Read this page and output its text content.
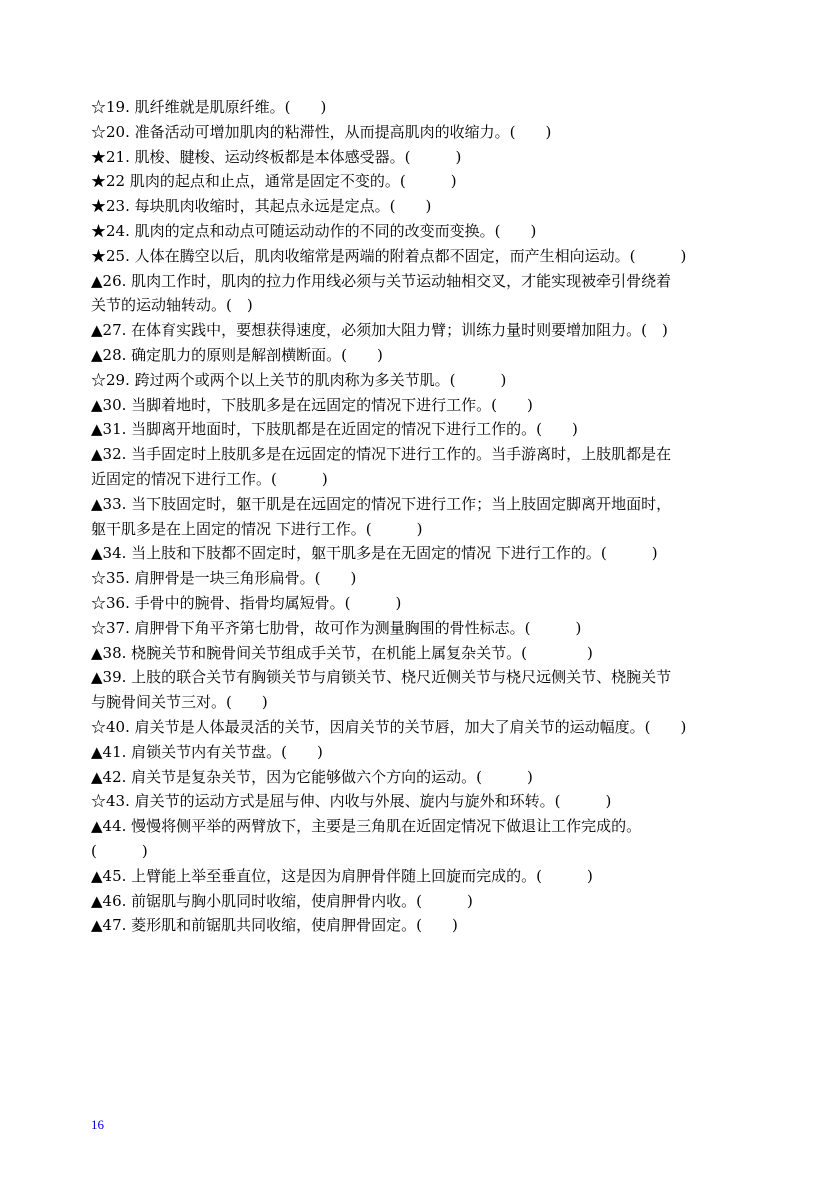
☆19. 肌纤维就是肌原纤维。(　　)
☆20. 准备活动可增加肌肉的粘滞性，从而提高肌肉的收缩力。(　　)
★21. 肌梭、腱梭、运动终板都是本体感受器。(　　　)
★22 肌肉的起点和止点，通常是固定不变的。(　　　)
★23. 每块肌肉收缩时，其起点永远是定点。(　　)
★24. 肌肉的定点和动点可随运动动作的不同的改变而变换。(　　)
★25. 人体在腾空以后，肌肉收缩常是两端的附着点都不固定，而产生相向运动。(　　　)
▲26. 肌肉工作时，肌肉的拉力作用线必须与关节运动轴相交叉，才能实现被牵引骨绕着
关节的运动轴转动。(　)
▲27. 在体育实践中，要想获得速度，必须加大阻力臂；训练力量时则要增加阻力。(　)
▲28. 确定肌力的原则是解剖横断面。(　　)
☆29. 跨过两个或两个以上关节的肌肉称为多关节肌。(　　　)
▲30. 当脚着地时，下肢肌多是在远固定的情况下进行工作。(　　)
▲31. 当脚离开地面时，下肢肌都是在近固定的情况下进行工作的。(　　)
▲32. 当手固定时上肢肌多是在远固定的情况下进行工作的。当手游离时，上肢肌都是在
近固定的情况下进行工作。(　　　)
▲33. 当下肢固定时，躯干肌是在远固定的情况下进行工作；当上肢固定脚离开地面时，
躯干肌多是在上固定的情况 下进行工作。(　　　)
▲34. 当上肢和下肢都不固定时，躯干肌多是在无固定的情况 下进行工作的。(　　　)
☆35. 肩胛骨是一块三角形扁骨。(　　)
☆36. 手骨中的腕骨、指骨均属短骨。(　　　)
☆37. 肩胛骨下角平齐第七肋骨，故可作为测量胸围的骨性标志。(　　　)
▲38. 桡腕关节和腕骨间关节组成手关节，在机能上属复杂关节。(　　　　)
▲39. 上肢的联合关节有胸锁关节与肩锁关节、桡尺近侧关节与桡尺远侧关节、桡腕关节
与腕骨间关节三对。(　　)
☆40. 肩关节是人体最灵活的关节，因肩关节的关节唇，加大了肩关节的运动幅度。(　　)
▲41. 肩锁关节内有关节盘。(　　)
▲42. 肩关节是复杂关节，因为它能够做六个方向的运动。(　　　)
☆43. 肩关节的运动方式是屈与伸、内收与外展、旋内与旋外和环转。(　　　)
▲44. 慢慢将侧平举的两臂放下，主要是三角肌在近固定情况下做退让工作完成的。
(　　　)
▲45. 上臂能上举至垂直位，这是因为肩胛骨伴随上回旋而完成的。(　　　)
▲46. 前锯肌与胸小肌同时收缩，使肩胛骨内收。(　　　)
▲47. 菱形肌和前锯肌共同收缩，使肩胛骨固定。(　　)
16
